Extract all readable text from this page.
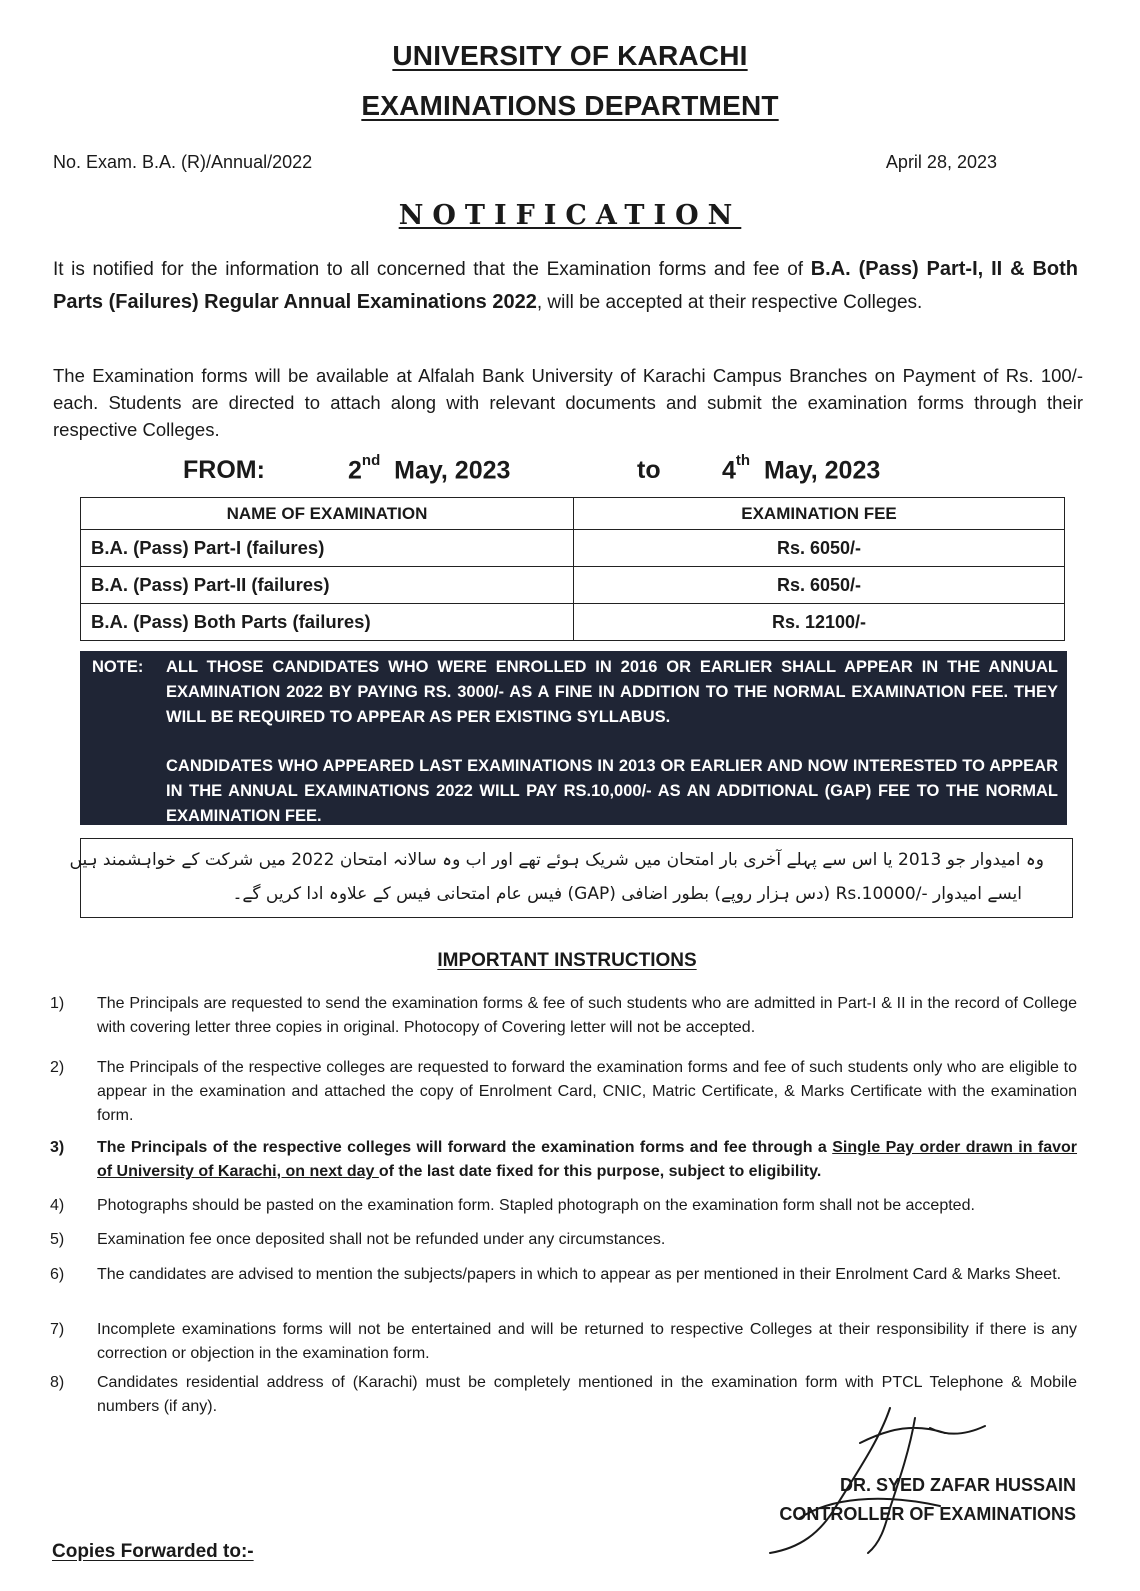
UNIVERSITY OF KARACHI
EXAMINATIONS DEPARTMENT
No. Exam. B.A. (R)/Annual/2022	April 28, 2023
NOTIFICATION
It is notified for the information to all concerned that the Examination forms and fee of B.A. (Pass) Part-I, II & Both Parts (Failures) Regular Annual Examinations 2022, will be accepted at their respective Colleges.
The Examination forms will be available at Alfalah Bank University of Karachi Campus Branches on Payment of Rs. 100/- each. Students are directed to attach along with relevant documents and submit the examination forms through their respective Colleges.
FROM:	2nd May, 2023	to 4th May, 2023
NAME OF EXAMINATION	EXAMINATION FEE
B.A. (Pass) Part-I (failures)	Rs. 6050/-
B.A. (Pass) Part-II (failures)	Rs. 6050/-
B.A. (Pass) Both Parts (failures)	Rs. 12100/-
NOTE: ALL THOSE CANDIDATES WHO WERE ENROLLED IN 2016 OR EARLIER SHALL APPEAR IN THE ANNUAL EXAMINATION 2022 BY PAYING RS. 3000/- AS A FINE IN ADDITION TO THE NORMAL EXAMINATION FEE. THEY WILL BE REQUIRED TO APPEAR AS PER EXISTING SYLLABUS.

CANDIDATES WHO APPEARED LAST EXAMINATIONS IN 2013 OR EARLIER AND NOW INTERESTED TO APPEAR IN THE ANNUAL EXAMINATIONS 2022 WILL PAY RS.10,000/- AS AN ADDITIONAL (GAP) FEE TO THE NORMAL EXAMINATION FEE.

وہ امیدوار جو 2013 یا اس سے پہلے آخری بار امتحان میں شریک ہوئے تھے اور اب وہ سالانہ امتحان 2022 میں شرکت کے خواہشمند ہیں
ایسے امیدوار -/Rs.10000 (دس ہزار روپے) بطور اضافی (GAP) فیس عام امتحانی فیس کے علاوہ ادا کریں گے۔
IMPORTANT INSTRUCTIONS
1) The Principals are requested to send the examination forms & fee of such students who are admitted in Part-I & II in the record of College with covering letter three copies in original. Photocopy of Covering letter will not be accepted.
2) The Principals of the respective colleges are requested to forward the examination forms and fee of such students only who are eligible to appear in the examination and attached the copy of Enrolment Card, CNIC, Matric Certificate, & Marks Certificate with the examination form.
3) The Principals of the respective colleges will forward the examination forms and fee through a Single Pay order drawn in favor of University of Karachi, on next day of the last date fixed for this purpose, subject to eligibility.
4) Photographs should be pasted on the examination form. Stapled photograph on the examination form shall not be accepted.
5) Examination fee once deposited shall not be refunded under any circumstances.
6) The candidates are advised to mention the subjects/papers in which to appear as per mentioned in their Enrolment Card & Marks Sheet.
7) Incomplete examinations forms will not be entertained and will be returned to respective Colleges at their responsibility if there is any correction or objection in the examination form.
8) Candidates residential address of (Karachi) must be completely mentioned in the examination form with PTCL Telephone & Mobile numbers (if any).
DR. SYED ZAFAR HUSSAIN
CONTROLLER OF EXAMINATIONS
Copies Forwarded to:-
